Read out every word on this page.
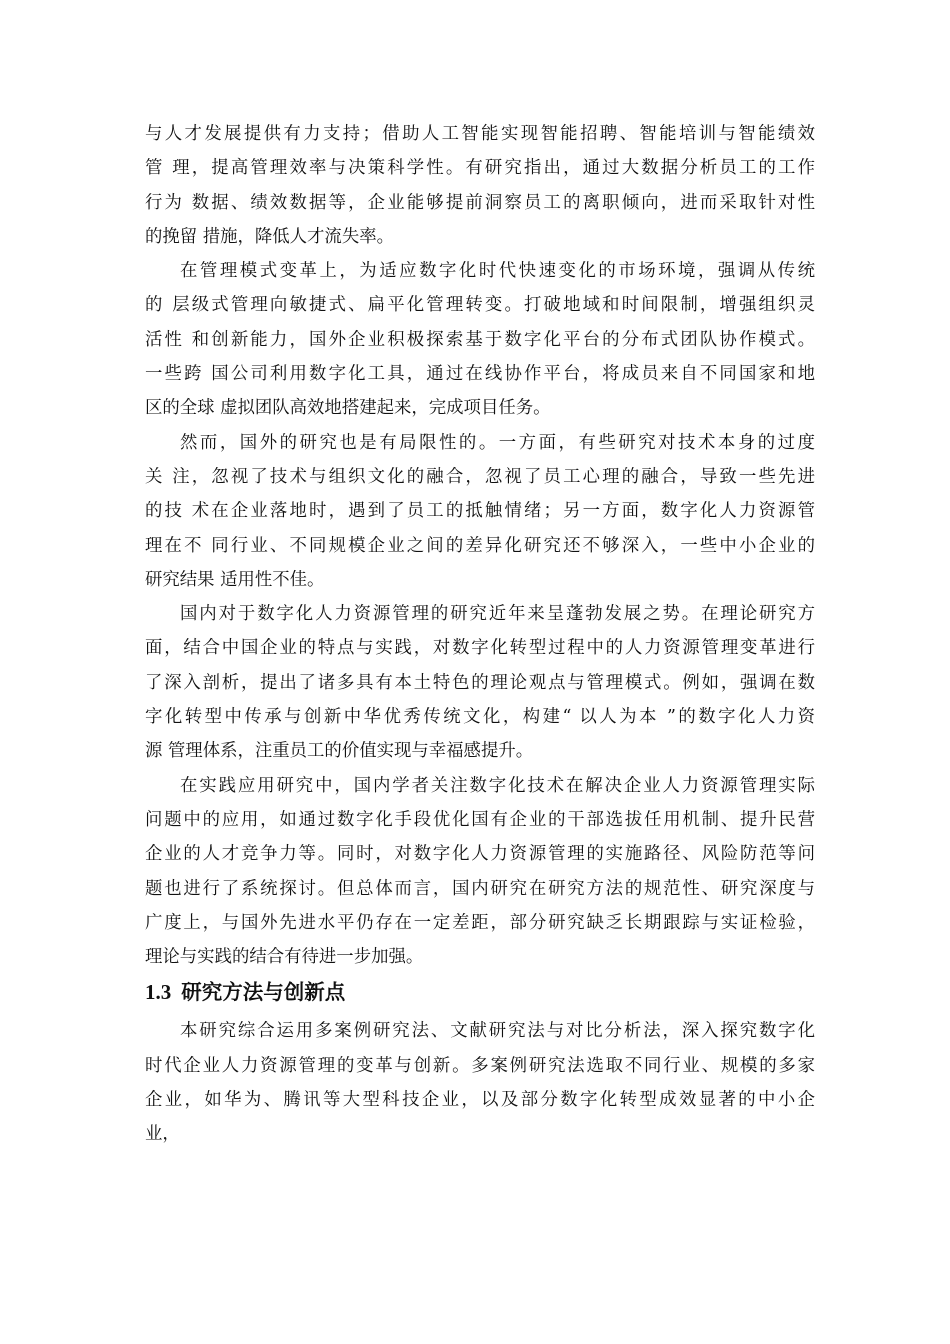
与人才发展提供有力支持；借助人工智能实现智能招聘、智能培训与智能绩效
管 理，提高管理效率与决策科学性。有研究指出，通过大数据分析员工的工作
行为 数据、绩效数据等，企业能够提前洞察员工的离职倾向，进而采取针对性
的挽留 措施，降低人才流失率。
在管理模式变革上，为适应数字化时代快速变化的市场环境，强调从传统
的 层级式管理向敏捷式、扁平化管理转变。打破地域和时间限制，增强组织灵
活性 和创新能力，国外企业积极探索基于数字化平台的分布式团队协作模式。
一些跨 国公司利用数字化工具，通过在线协作平台，将成员来自不同国家和地
区的全球 虚拟团队高效地搭建起来，完成项目任务。
然而，国外的研究也是有局限性的。一方面，有些研究对技术本身的过度
关 注，忽视了技术与组织文化的融合，忽视了员工心理的融合，导致一些先进
的技 术在企业落地时，遇到了员工的抵触情绪；另一方面，数字化人力资源管
理在不 同行业、不同规模企业之间的差异化研究还不够深入，一些中小企业的
研究结果 适用性不佳。
国内对于数字化人力资源管理的研究近年来呈蓬勃发展之势。在理论研究方
面，结合中国企业的特点与实践，对数字化转型过程中的人力资源管理变革进行
了深入剖析，提出了诸多具有本土特色的理论观点与管理模式。例如，强调在数
字化转型中传承与创新中华优秀传统文化，构建“ 以人为本 ”的数字化人力资
源 管理体系，注重员工的价值实现与幸福感提升。
在实践应用研究中，国内学者关注数字化技术在解决企业人力资源管理实际
问题中的应用，如通过数字化手段优化国有企业的干部选拔任用机制、提升民营
企业的人才竞争力等。同时，对数字化人力资源管理的实施路径、风险防范等问
题也进行了系统探讨。但总体而言，国内研究在研究方法的规范性、研究深度与
广度上，与国外先进水平仍存在一定差距，部分研究缺乏长期跟踪与实证检验，
理论与实践的结合有待进一步加强。
1.3 研究方法与创新点
本研究综合运用多案例研究法、文献研究法与对比分析法，深入探究数字化
时代企业人力资源管理的变革与创新。多案例研究法选取不同行业、规模的多家
企业，如华为、腾讯等大型科技企业，以及部分数字化转型成效显著的中小企
业，
